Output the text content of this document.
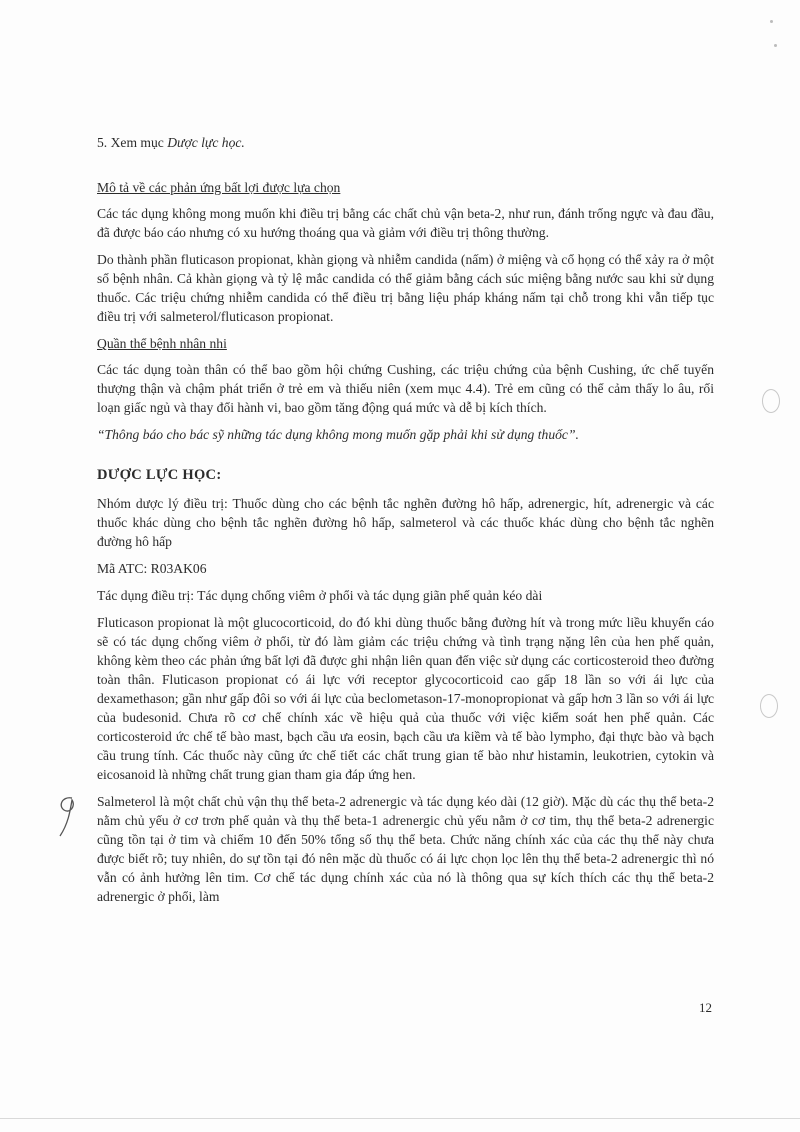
5. Xem mục Dược lực học.

Mô tả về các phản ứng bất lợi được lựa chọn

Các tác dụng không mong muốn khi điều trị bằng các chất chủ vận beta-2, như run, đánh trống ngực và đau đầu, đã được báo cáo nhưng có xu hướng thoáng qua và giảm với điều trị thông thường.

Do thành phần fluticason propionat, khàn giọng và nhiễm candida (nấm) ở miệng và cổ họng có thể xảy ra ở một số bệnh nhân. Cả khàn giọng và tỷ lệ mắc candida có thể giảm bằng cách súc miệng bằng nước sau khi sử dụng thuốc. Các triệu chứng nhiễm candida có thể điều trị bằng liệu pháp kháng nấm tại chỗ trong khi vẫn tiếp tục điều trị với salmeterol/fluticason propionat.

Quần thể bệnh nhân nhi

Các tác dụng toàn thân có thể bao gồm hội chứng Cushing, các triệu chứng của bệnh Cushing, ức chế tuyến thượng thận và chậm phát triển ở trẻ em và thiếu niên (xem mục 4.4). Trẻ em cũng có thể cảm thấy lo âu, rối loạn giấc ngủ và thay đổi hành vi, bao gồm tăng động quá mức và dễ bị kích thích.

“Thông báo cho bác sỹ những tác dụng không mong muốn gặp phải khi sử dụng thuốc”.

DƯỢC LỰC HỌC:

Nhóm dược lý điều trị: Thuốc dùng cho các bệnh tắc nghẽn đường hô hấp, adrenergic, hít, adrenergic và các thuốc khác dùng cho bệnh tắc nghẽn đường hô hấp, salmeterol và các thuốc khác dùng cho bệnh tắc nghẽn đường hô hấp

Mã ATC: R03AK06

Tác dụng điều trị: Tác dụng chống viêm ở phổi và tác dụng giãn phế quản kéo dài

Fluticason propionat là một glucocorticoid, do đó khi dùng thuốc bằng đường hít và trong mức liều khuyến cáo sẽ có tác dụng chống viêm ở phổi, từ đó làm giảm các triệu chứng và tình trạng nặng lên của hen phế quản, không kèm theo các phản ứng bất lợi đã được ghi nhận liên quan đến việc sử dụng các corticosteroid theo đường toàn thân. Fluticason propionat có ái lực với receptor glycocorticoid cao gấp 18 lần so với ái lực của dexamethason; gần như gấp đôi so với ái lực của beclometason-17-monopropionat và gấp hơn 3 lần so với ái lực của budesonid. Chưa rõ cơ chế chính xác về hiệu quả của thuốc với việc kiểm soát hen phế quản. Các corticosteroid ức chế tế bào mast, bạch cầu ưa eosin, bạch cầu ưa kiềm và tế bào lympho, đại thực bào và bạch cầu trung tính. Các thuốc này cũng ức chế tiết các chất trung gian tế bào như histamin, leukotrien, cytokin và eicosanoid là những chất trung gian tham gia đáp ứng hen.

Salmeterol là một chất chủ vận thụ thể beta-2 adrenergic và tác dụng kéo dài (12 giờ). Mặc dù các thụ thể beta-2 nằm chủ yếu ở cơ trơn phế quản và thụ thể beta-1 adrenergic chủ yếu nằm ở cơ tim, thụ thể beta-2 adrenergic cũng tồn tại ở tim và chiếm 10 đến 50% tổng số thụ thể beta. Chức năng chính xác của các thụ thể này chưa được biết rõ; tuy nhiên, do sự tồn tại đó nên mặc dù thuốc có ái lực chọn lọc lên thụ thể beta-2 adrenergic thì nó vẫn có ảnh hưởng lên tim. Cơ chế tác dụng chính xác của nó là thông qua sự kích thích các thụ thể beta-2 adrenergic ở phổi, làm

12
